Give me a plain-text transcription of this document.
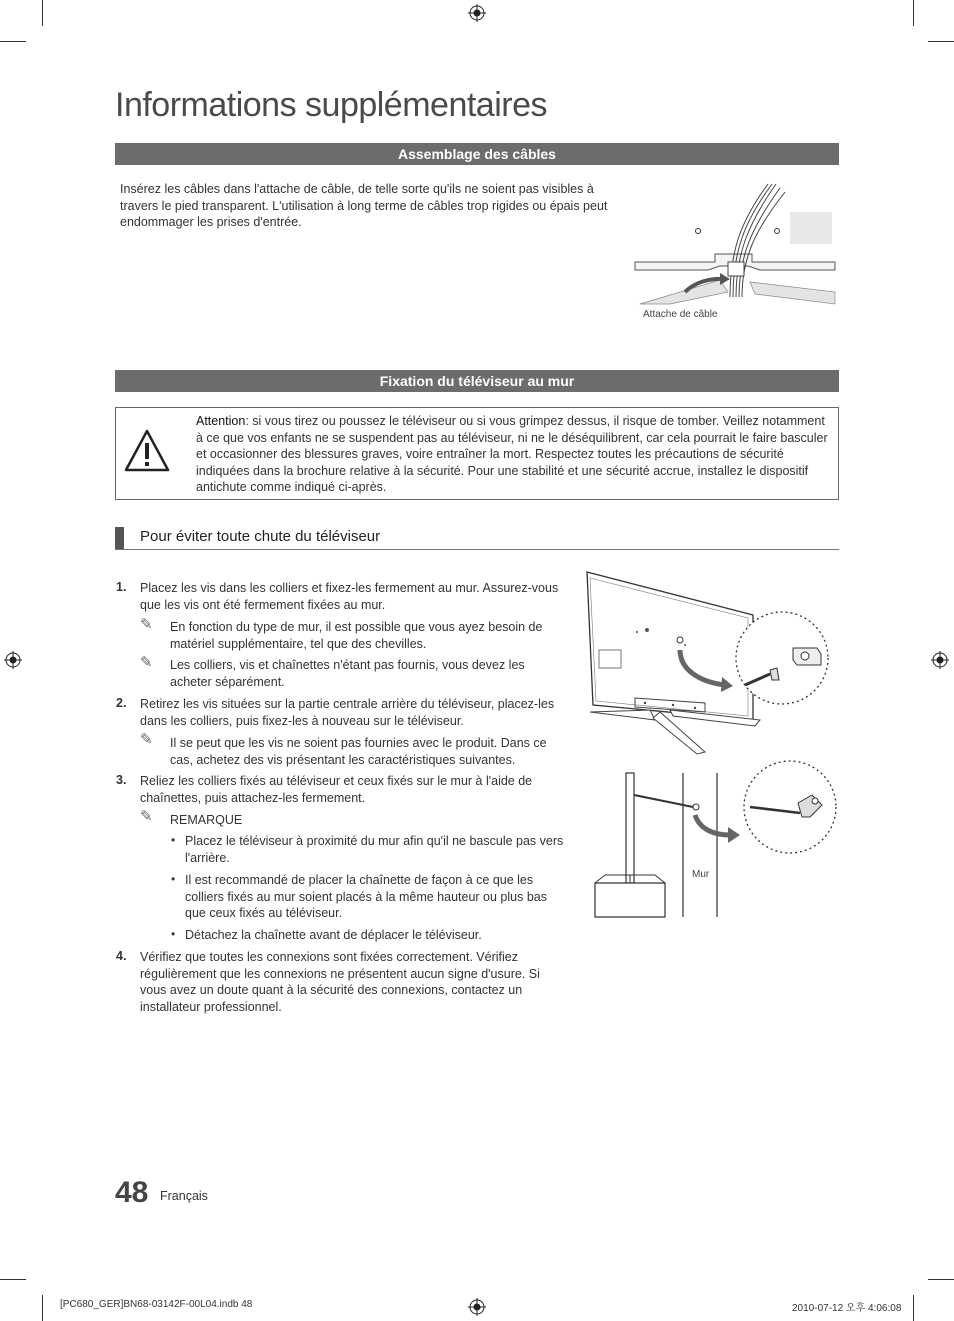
Informations supplémentaires
Assemblage des câbles
Insérez les câbles dans l'attache de câble, de telle sorte qu'ils ne soient pas visibles à travers le pied transparent. L'utilisation à long terme de câbles trop rigides ou épais peut endommager les prises d'entrée.
Attache de câble
Fixation du téléviseur au mur
Attention: si vous tirez ou poussez le téléviseur ou si vous grimpez dessus, il risque de tomber. Veillez notamment à ce que vos enfants ne se suspendent pas au téléviseur, ni ne le déséquilibrent, car cela pourrait le faire basculer et occasionner des blessures graves, voire entraîner la mort. Respectez toutes les précautions de sécurité indiquées dans la brochure relative à la sécurité. Pour une stabilité et une sécurité accrue, installez le dispositif antichute comme indiqué ci-après.
Pour éviter toute chute du téléviseur
1. Placez les vis dans les colliers et fixez-les fermement au mur. Assurez-vous que les vis ont été fermement fixées au mur.
✎ En fonction du type de mur, il est possible que vous ayez besoin de matériel supplémentaire, tel que des chevilles.
✎ Les colliers, vis et chaînettes n'étant pas fournis, vous devez les acheter séparément.
2. Retirez les vis situées sur la partie centrale arrière du téléviseur, placez-les dans les colliers, puis fixez-les à nouveau sur le téléviseur.
✎ Il se peut que les vis ne soient pas fournies avec le produit. Dans ce cas, achetez des vis présentant les caractéristiques suivantes.
3. Reliez les colliers fixés au téléviseur et ceux fixés sur le mur à l'aide de chaînettes, puis attachez-les fermement.
✎ REMARQUE
• Placez le téléviseur à proximité du mur afin qu'il ne bascule pas vers l'arrière.
• Il est recommandé de placer la chaînette de façon à ce que les colliers fixés au mur soient placés à la même hauteur ou plus bas que ceux fixés au téléviseur.
• Détachez la chaînette avant de déplacer le téléviseur.
4. Vérifiez que toutes les connexions sont fixées correctement. Vérifiez régulièrement que les connexions ne présentent aucun signe d'usure. Si vous avez un doute quant à la sécurité des connexions, contactez un installateur professionnel.
Mur
48 Français
[PC680_GER]BN68-03142F-00L04.indb 48	2010-07-12 오후 4:06:08
